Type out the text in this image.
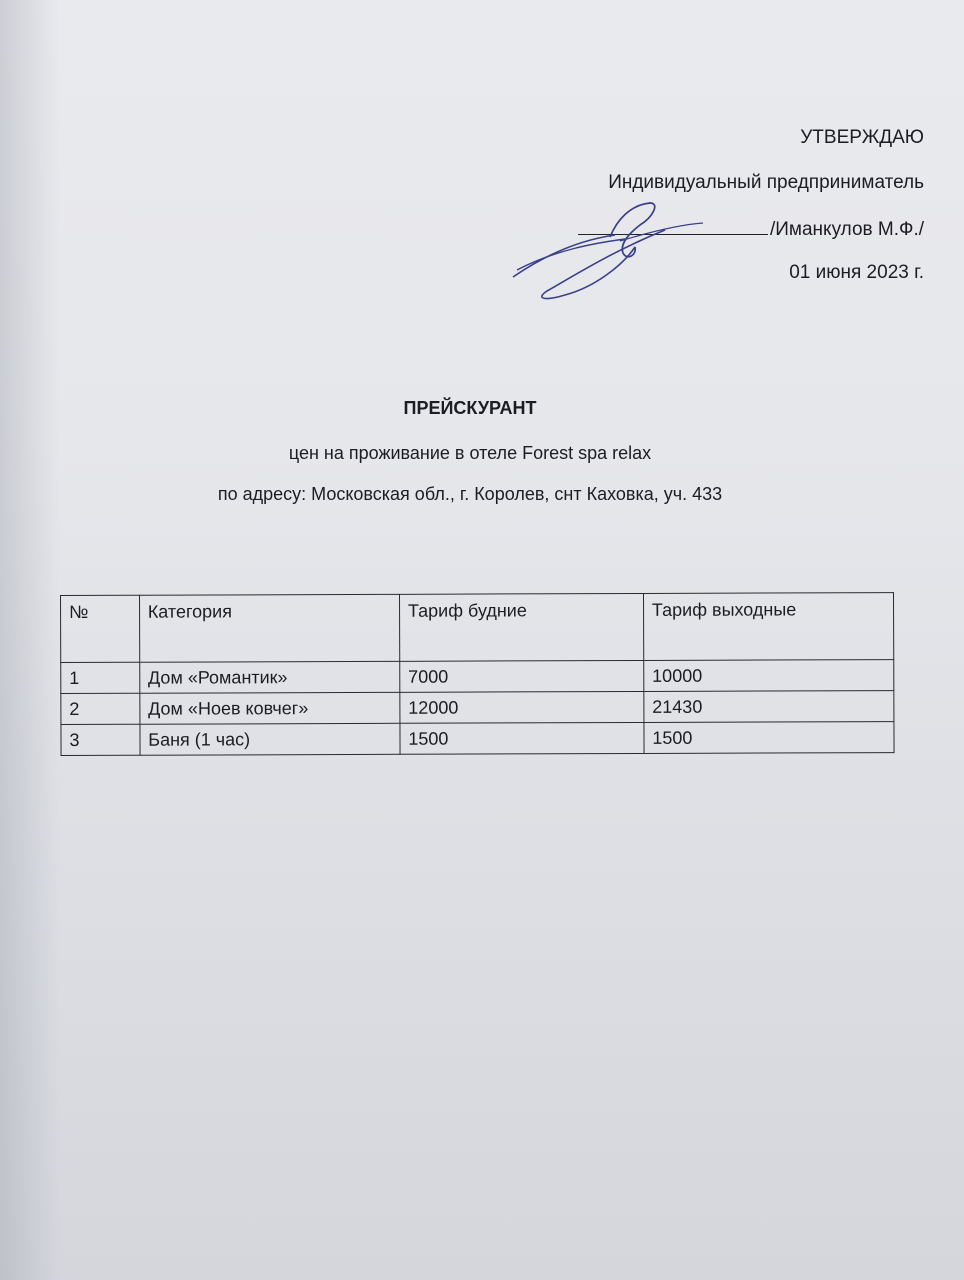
УТВЕРЖДАЮ
Индивидуальный предприниматель
/Иманкулов М.Ф./
01 июня 2023 г.
ПРЕЙСКУРАНТ
цен на проживание в отеле Forest spa relax
по адресу: Московская обл., г. Королев, снт Каховка, уч. 433
№	Категория	Тариф будние	Тариф выходные
1	Дом «Романтик»	7000	10000
2	Дом «Ноев ковчег»	12000	21430
3	Баня (1 час)	1500	1500
